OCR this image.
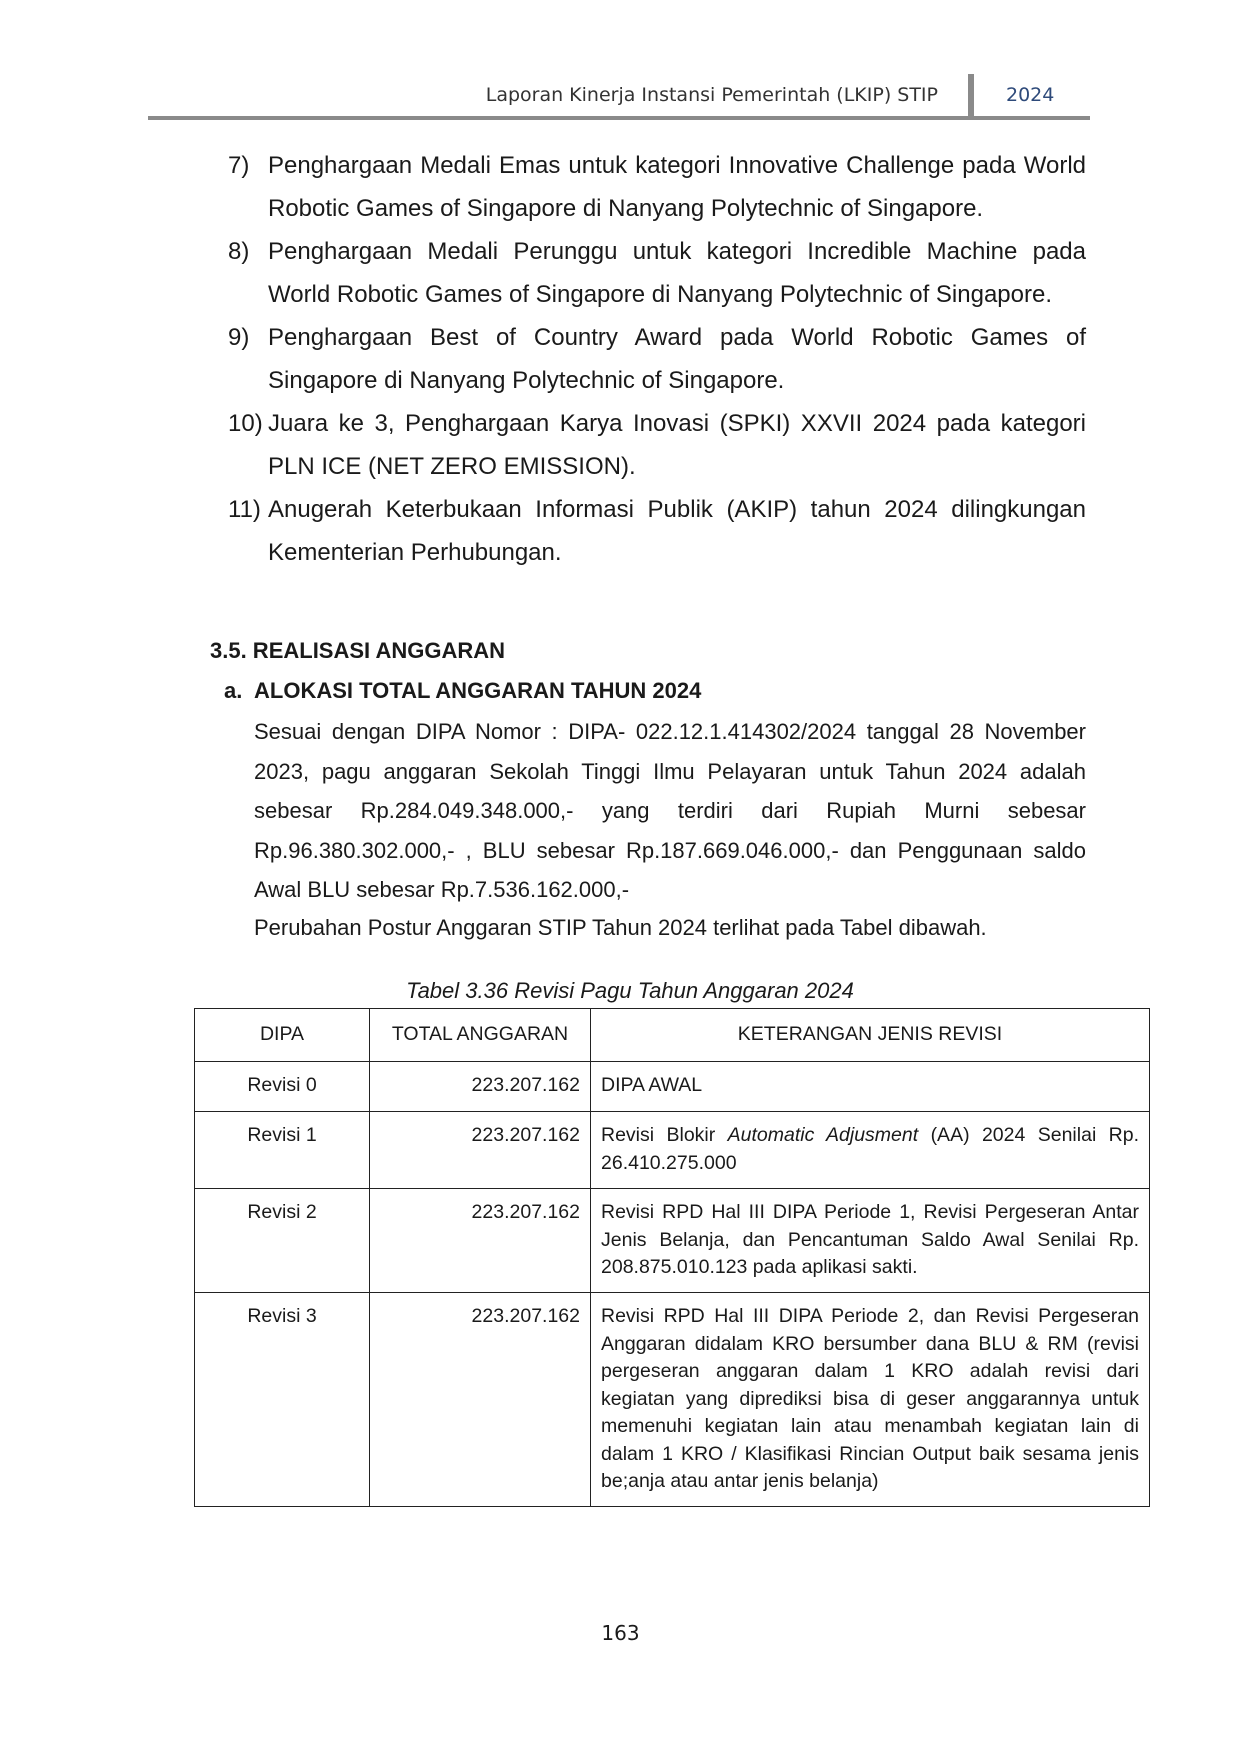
Laporan Kinerja Instansi Pemerintah (LKIP) STIP	2024
7) Penghargaan Medali Emas untuk kategori Innovative Challenge pada World Robotic Games of Singapore di Nanyang Polytechnic of Singapore.
8) Penghargaan Medali Perunggu untuk kategori Incredible Machine pada World Robotic Games of Singapore di Nanyang Polytechnic of Singapore.
9) Penghargaan Best of Country Award pada World Robotic Games of Singapore di Nanyang Polytechnic of Singapore.
10) Juara ke 3, Penghargaan Karya Inovasi (SPKI) XXVII 2024 pada kategori PLN ICE (NET ZERO EMISSION).
11) Anugerah Keterbukaan Informasi Publik (AKIP) tahun 2024 dilingkungan Kementerian Perhubungan.
3.5. REALISASI ANGGARAN
a. ALOKASI TOTAL ANGGARAN TAHUN 2024
Sesuai dengan DIPA Nomor : DIPA- 022.12.1.414302/2024 tanggal 28 November 2023, pagu anggaran Sekolah Tinggi Ilmu Pelayaran untuk Tahun 2024 adalah sebesar Rp.284.049.348.000,- yang terdiri dari Rupiah Murni sebesar Rp.96.380.302.000,- , BLU sebesar Rp.187.669.046.000,- dan Penggunaan saldo Awal BLU sebesar Rp.7.536.162.000,-
Perubahan Postur Anggaran STIP Tahun 2024 terlihat pada Tabel dibawah.
Tabel 3.36 Revisi Pagu Tahun Anggaran 2024
DIPA	TOTAL ANGGARAN	KETERANGAN JENIS REVISI
Revisi 0	223.207.162	DIPA AWAL
Revisi 1	223.207.162	Revisi Blokir Automatic Adjusment (AA) 2024 Senilai Rp. 26.410.275.000
Revisi 2	223.207.162	Revisi RPD Hal III DIPA Periode 1, Revisi Pergeseran Antar Jenis Belanja, dan Pencantuman Saldo Awal Senilai Rp. 208.875.010.123 pada aplikasi sakti.
Revisi 3	223.207.162	Revisi RPD Hal III DIPA Periode 2, dan Revisi Pergeseran Anggaran didalam KRO bersumber dana BLU & RM (revisi pergeseran anggaran dalam 1 KRO adalah revisi dari kegiatan yang diprediksi bisa di geser anggarannya untuk memenuhi kegiatan lain atau menambah kegiatan lain di dalam 1 KRO / Klasifikasi Rincian Output baik sesama jenis be;anja atau antar jenis belanja)
163
